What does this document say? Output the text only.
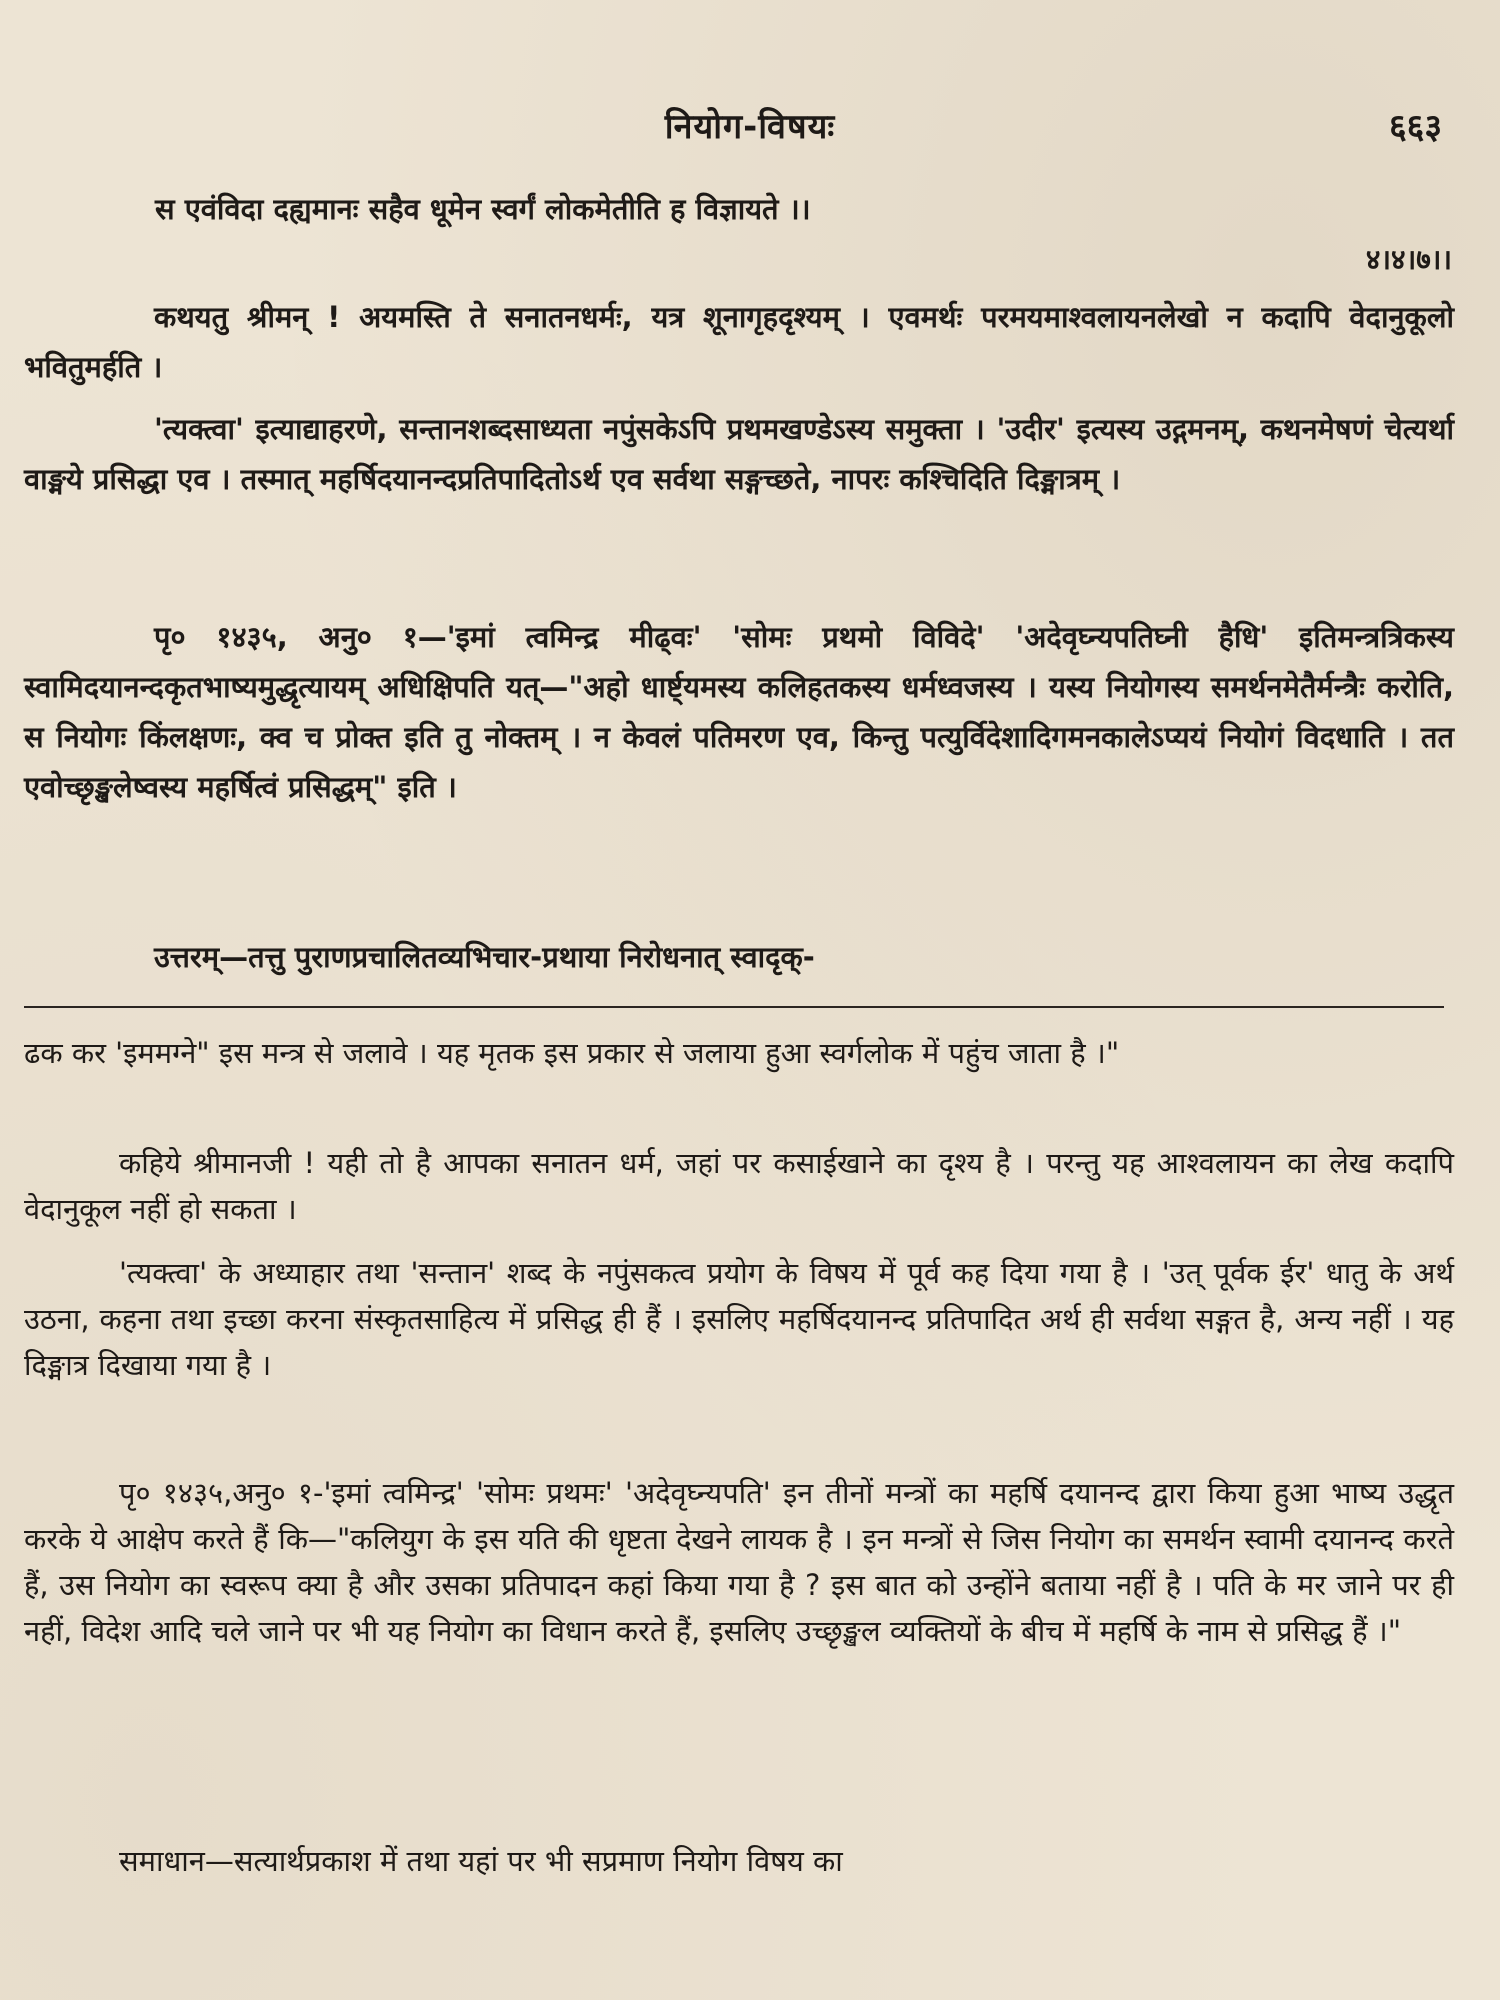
नियोग-विषयः	६६३

स एवंविदा दह्यमानः सहैव धूमेन स्वर्गं लोकमेतीति ह विज्ञायते ।।

४।४।७।।

कथयतु श्रीमन् ! अयमस्ति ते सनातनधर्मः, यत्र शूनागृहदृश्यम् । एवमर्थः परमयमाश्वलायनलेखो न कदापि वेदानुकूलो भवितुमर्हति ।

'त्यक्त्वा' इत्याद्याहरणे, सन्तानशब्दसाध्यता नपुंसकेऽपि प्रथमखण्डेऽस्य समुक्ता । 'उदीर' इत्यस्य उद्गमनम्, कथनमेषणं चेत्यर्था वाङ्मये प्रसिद्धा एव । तस्मात् महर्षिदयानन्दप्रतिपादितोऽर्थ एव सर्वथा सङ्गच्छते, नापरः कश्चिदिति दिङ्मात्रम् ।

पृ० १४३५, अनु० १—'इमां त्वमिन्द्र मीढ्वः' 'सोमः प्रथमो विविदे' 'अदेवृघ्न्यपतिघ्नी हैधि' इतिमन्त्रत्रिकस्य स्वामिदयानन्दकृतभाष्यमुद्धृत्यायम् अधिक्षिपति यत्—"अहो धार्ष्ट्यमस्य कलिहतकस्य धर्मध्वजस्य । यस्य नियोगस्य समर्थनमेतैर्मन्त्रैः करोति, स नियोगः किंलक्षणः, क्व च प्रोक्त इति तु नोक्तम् । न केवलं पतिमरण एव, किन्तु पत्युर्विदेशादिगमनकालेऽप्ययं नियोगं विदधाति । तत एवोच्छृङ्खलेष्वस्य महर्षित्वं प्रसिद्धम्" इति ।

उत्तरम्—तत्तु पुराणप्रचालितव्यभिचार-प्रथाया निरोधनात् स्वादृक्-

ढक कर 'इममग्ने" इस मन्त्र से जलावे । यह मृतक इस प्रकार से जलाया हुआ स्वर्गलोक में पहुंच जाता है ।"

कहिये श्रीमानजी ! यही तो है आपका सनातन धर्म, जहां पर कसाईखाने का दृश्य है । परन्तु यह आश्वलायन का लेख कदापि वेदानुकूल नहीं हो सकता ।

'त्यक्त्वा' के अध्याहार तथा 'सन्तान' शब्द के नपुंसकत्व प्रयोग के विषय में पूर्व कह दिया गया है । 'उत् पूर्वक ईर' धातु के अर्थ उठना, कहना तथा इच्छा करना संस्कृतसाहित्य में प्रसिद्ध ही हैं । इसलिए महर्षिदयानन्द प्रतिपादित अर्थ ही सर्वथा सङ्गत है, अन्य नहीं । यह दिङ्मात्र दिखाया गया है ।

पृ० १४३५,अनु० १-'इमां त्वमिन्द्र' 'सोमः प्रथमः' 'अदेवृघ्न्यपति' इन तीनों मन्त्रों का महर्षि दयानन्द द्वारा किया हुआ भाष्य उद्धृत करके ये आक्षेप करते हैं कि—"कलियुग के इस यति की धृष्टता देखने लायक है । इन मन्त्रों से जिस नियोग का समर्थन स्वामी दयानन्द करते हैं, उस नियोग का स्वरूप क्या है और उसका प्रतिपादन कहां किया गया है ? इस बात को उन्होंने बताया नहीं है । पति के मर जाने पर ही नहीं, विदेश आदि चले जाने पर भी यह नियोग का विधान करते हैं, इसलिए उच्छृङ्खल व्यक्तियों के बीच में महर्षि के नाम से प्रसिद्ध हैं ।"

समाधान—सत्यार्थप्रकाश में तथा यहां पर भी सप्रमाण नियोग विषय का
